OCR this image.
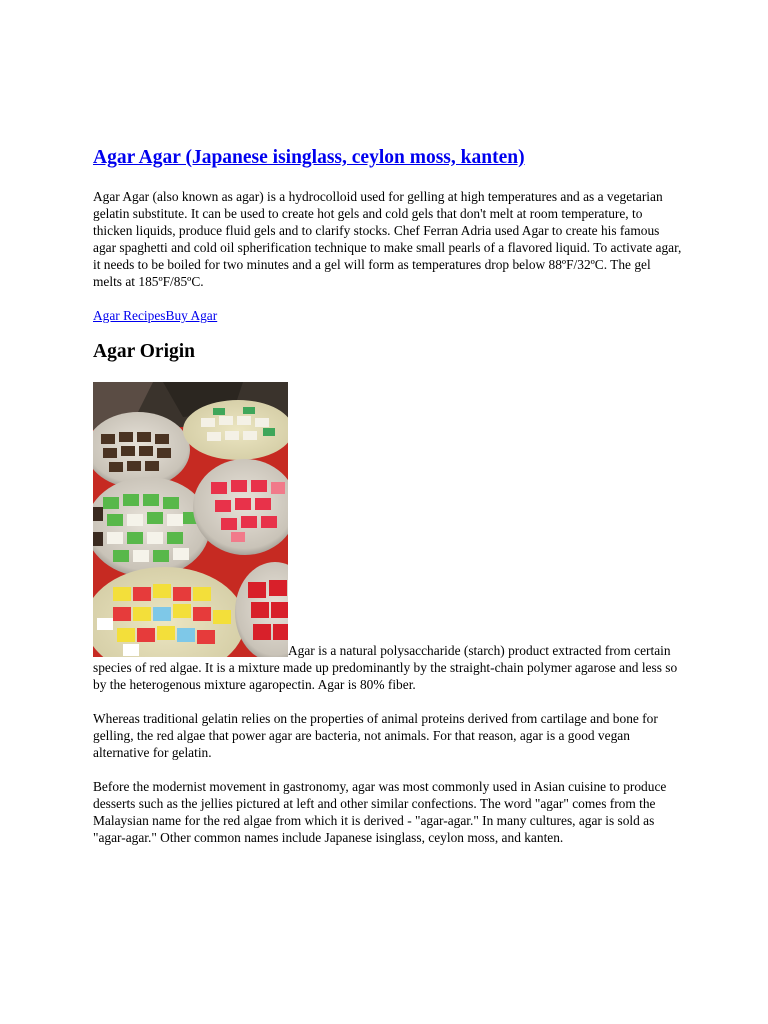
Agar Agar (Japanese isinglass, ceylon moss, kanten)

Agar Agar (also known as agar) is a hydrocolloid used for gelling at high temperatures and as a vegetarian gelatin substitute. It can be used to create hot gels and cold gels that don't melt at room temperature, to thicken liquids, produce fluid gels and to clarify stocks. Chef Ferran Adria used Agar to create his famous agar spaghetti and cold oil spherification technique to make small pearls of a flavored liquid. To activate agar, it needs to be boiled for two minutes and a gel will form as temperatures drop below 88ºF/32ºC. The gel melts at 185ºF/85ºC.

Agar RecipesBuy Agar
Agar Origin

Agar is a natural polysaccharide (starch) product extracted from certain species of red algae. It is a mixture made up predominantly by the straight-chain polymer agarose and less so by the heterogenous mixture agaropectin. Agar is 80% fiber.

Whereas traditional gelatin relies on the properties of animal proteins derived from cartilage and bone for gelling, the red algae that power agar are bacteria, not animals. For that reason, agar is a good vegan alternative for gelatin.

Before the modernist movement in gastronomy, agar was most commonly used in Asian cuisine to produce desserts such as the jellies pictured at left and other similar confections. The word "agar" comes from the Malaysian name for the red algae from which it is derived - "agar-agar." In many cultures, agar is sold as "agar-agar." Other common names include Japanese isinglass, ceylon moss, and kanten.
